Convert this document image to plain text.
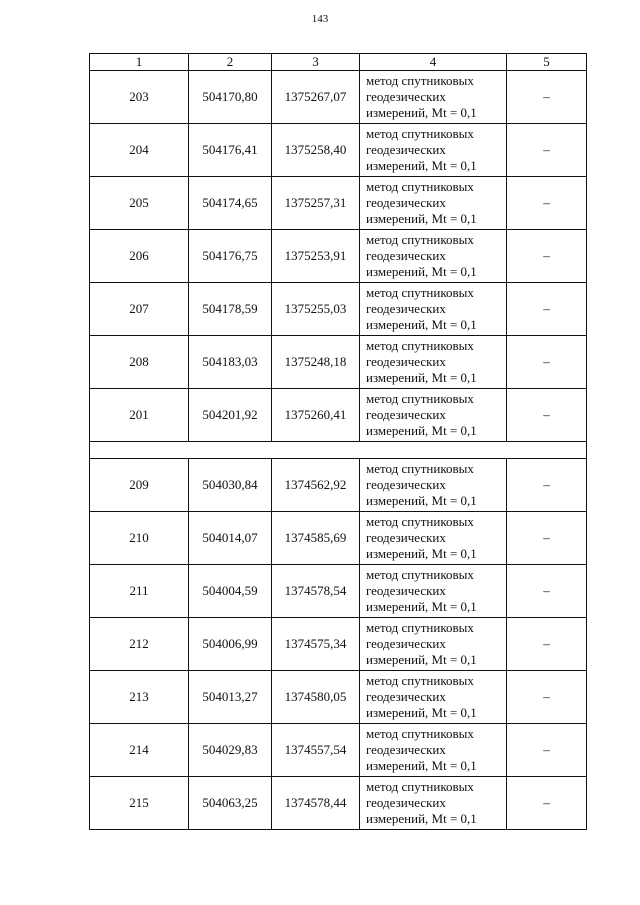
143
1	2	3	4	5
203	504170,80	1375267,07	метод спутниковых
геодезических
измерений, Mt = 0,1	–
204	504176,41	1375258,40	метод спутниковых
геодезических
измерений, Mt = 0,1	–
205	504174,65	1375257,31	метод спутниковых
геодезических
измерений, Mt = 0,1	–
206	504176,75	1375253,91	метод спутниковых
геодезических
измерений, Mt = 0,1	–
207	504178,59	1375255,03	метод спутниковых
геодезических
измерений, Mt = 0,1	–
208	504183,03	1375248,18	метод спутниковых
геодезических
измерений, Mt = 0,1	–
201	504201,92	1375260,41	метод спутниковых
геодезических
измерений, Mt = 0,1	–

209	504030,84	1374562,92	метод спутниковых
геодезических
измерений, Mt = 0,1	–
210	504014,07	1374585,69	метод спутниковых
геодезических
измерений, Mt = 0,1	–
211	504004,59	1374578,54	метод спутниковых
геодезических
измерений, Mt = 0,1	–
212	504006,99	1374575,34	метод спутниковых
геодезических
измерений, Mt = 0,1	–
213	504013,27	1374580,05	метод спутниковых
геодезических
измерений, Mt = 0,1	–
214	504029,83	1374557,54	метод спутниковых
геодезических
измерений, Mt = 0,1	–
215	504063,25	1374578,44	метод спутниковых
геодезических
измерений, Mt = 0,1	–
